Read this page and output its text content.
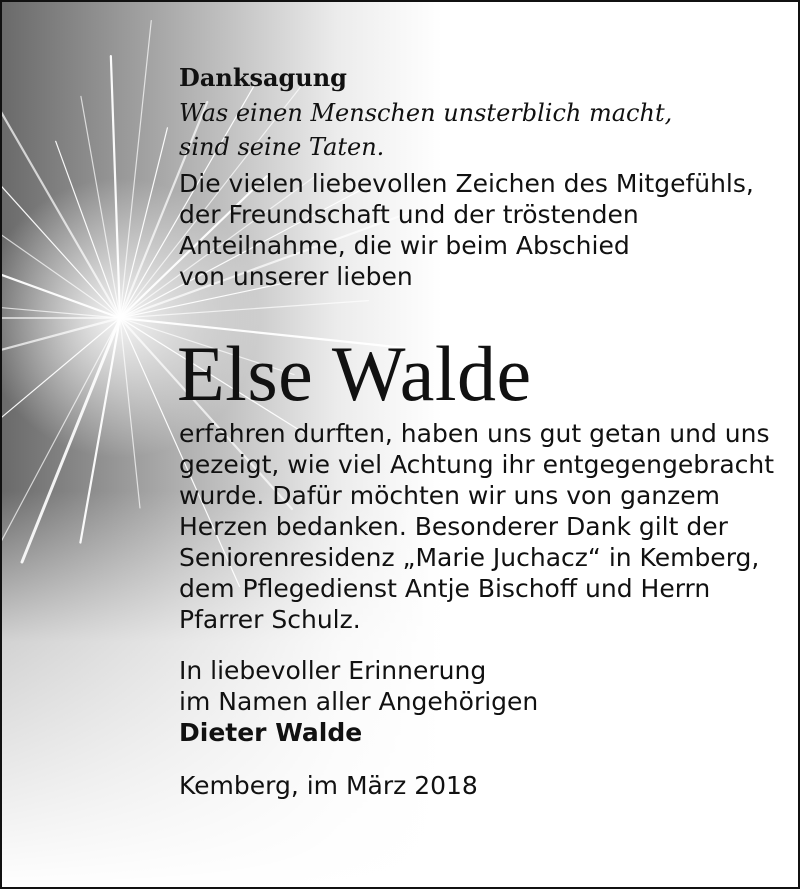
Danksagung
Was einen Menschen unsterblich macht,
sind seine Taten.
Die vielen liebevollen Zeichen des Mitgefühls,
der Freundschaft und der tröstenden
Anteilnahme, die wir beim Abschied
von unserer lieben
Else Walde
erfahren durften, haben uns gut getan und uns
gezeigt, wie viel Achtung ihr entgegengebracht
wurde. Dafür möchten wir uns von ganzem
Herzen bedanken. Besonderer Dank gilt der
Seniorenresidenz „Marie Juchacz“ in Kemberg,
dem Pflegedienst Antje Bischoff und Herrn
Pfarrer Schulz.
In liebevoller Erinnerung
im Namen aller Angehörigen
Dieter Walde
Kemberg, im März 2018
